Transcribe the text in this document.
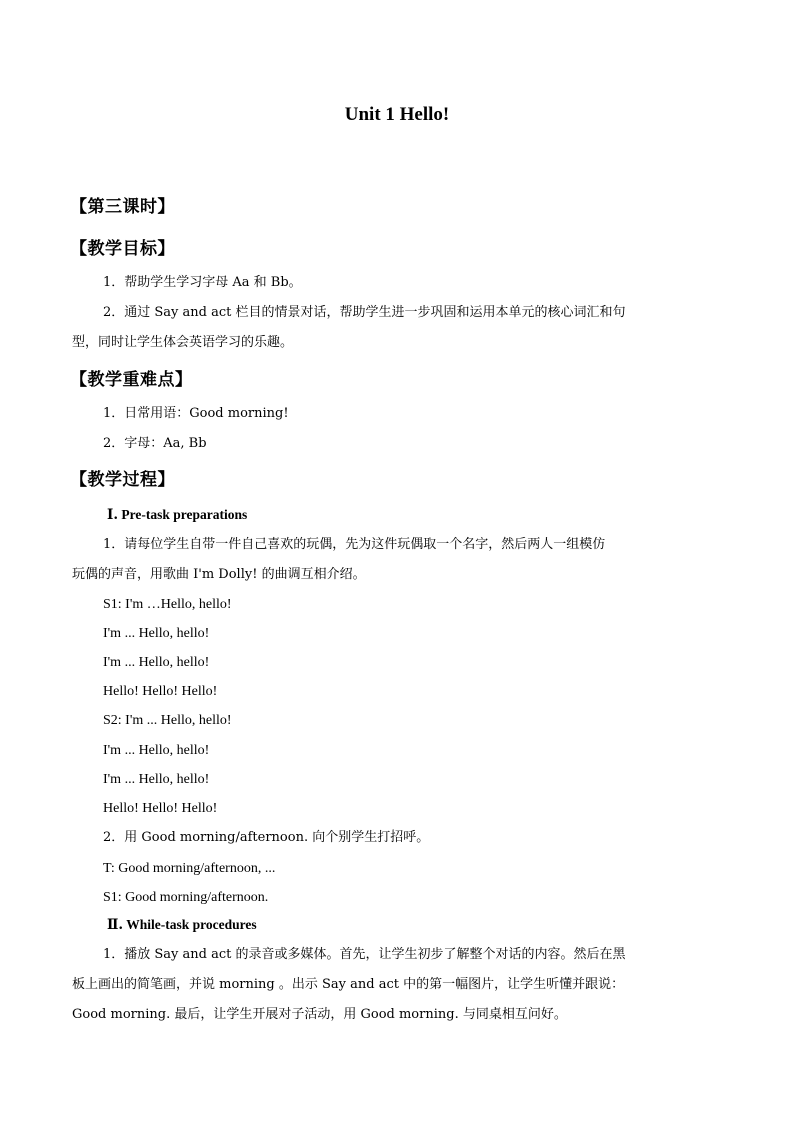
Unit 1 Hello!
【第三课时】
【教学目标】
1．帮助学生学习字母 Aa 和 Bb。
2．通过 Say and act 栏目的情景对话，帮助学生进一步巩固和运用本单元的核心词汇和句
型，同时让学生体会英语学习的乐趣。
【教学重难点】
1．日常用语：Good morning!
2．字母：Aa, Bb
【教学过程】
Ⅰ. Pre-task preparations
1．请每位学生自带一件自己喜欢的玩偶，先为这件玩偶取一个名字，然后两人一组模仿
玩偶的声音，用歌曲 I'm Dolly! 的曲调互相介绍。
S1: I'm …Hello, hello!
I'm ... Hello, hello!
I'm ... Hello, hello!
Hello! Hello! Hello!
S2: I'm ... Hello, hello!
I'm ... Hello, hello!
I'm ... Hello, hello!
Hello! Hello! Hello!
2．用 Good morning/afternoon. 向个别学生打招呼。
T: Good morning/afternoon, ...
S1: Good morning/afternoon.
Ⅱ. While-task procedures
1．播放 Say and act 的录音或多媒体。首先，让学生初步了解整个对话的内容。然后在黑
板上画出的简笔画，并说 morning 。出示 Say and act 中的第一幅图片，让学生听懂并跟说：
Good morning. 最后，让学生开展对子活动，用 Good morning. 与同桌相互问好。
